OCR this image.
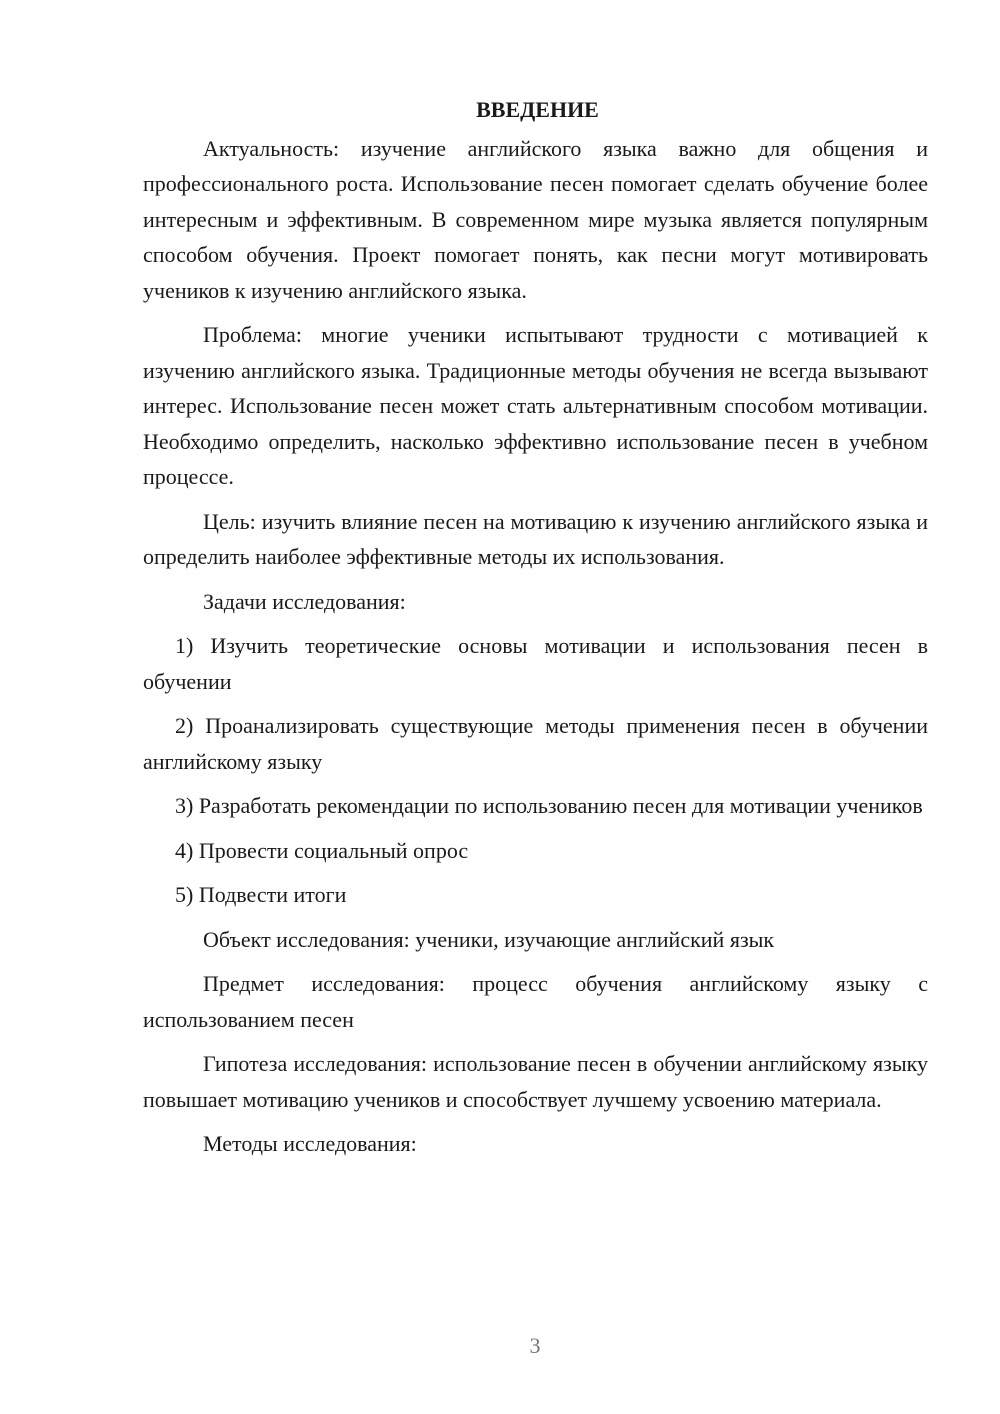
ВВЕДЕНИЕ

Актуальность: изучение английского языка важно для общения и профессионального роста. Использование песен помогает сделать обучение более интересным и эффективным. В современном мире музыка является популярным способом обучения. Проект помогает понять, как песни могут мотивировать учеников к изучению английского языка.

Проблема: многие ученики испытывают трудности с мотивацией к изучению английского языка. Традиционные методы обучения не всегда вызывают интерес. Использование песен может стать альтернативным способом мотивации. Необходимо определить, насколько эффективно использование песен в учебном процессе.

Цель: изучить влияние песен на мотивацию к изучению английского языка и определить наиболее эффективные методы их использования.

Задачи исследования:

1) Изучить теоретические основы мотивации и использования песен в обучении

2) Проанализировать существующие методы применения песен в обучении английскому языку

3) Разработать рекомендации по использованию песен для мотивации учеников

4) Провести социальный опрос

5) Подвести итоги

Объект исследования: ученики, изучающие английский язык

Предмет исследования: процесс обучения английскому языку с использованием песен

Гипотеза исследования: использование песен в обучении английскому языку повышает мотивацию учеников и способствует лучшему усвоению материала.

Методы исследования:

3
